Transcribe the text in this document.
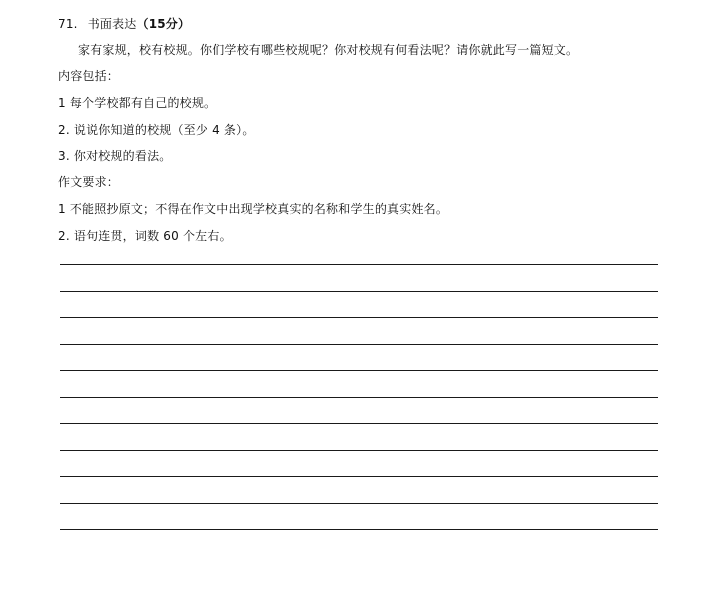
71. 书面表达（15分）
家有家规，校有校规。你们学校有哪些校规呢？你对校规有何看法呢？请你就此写一篇短文。
内容包括：
1 每个学校都有自己的校规。
2. 说说你知道的校规（至少 4 条）。
3. 你对校规的看法。
作文要求：
1 不能照抄原文；不得在作文中出现学校真实的名称和学生的真实姓名。
2. 语句连贯，词数 60 个左右。
